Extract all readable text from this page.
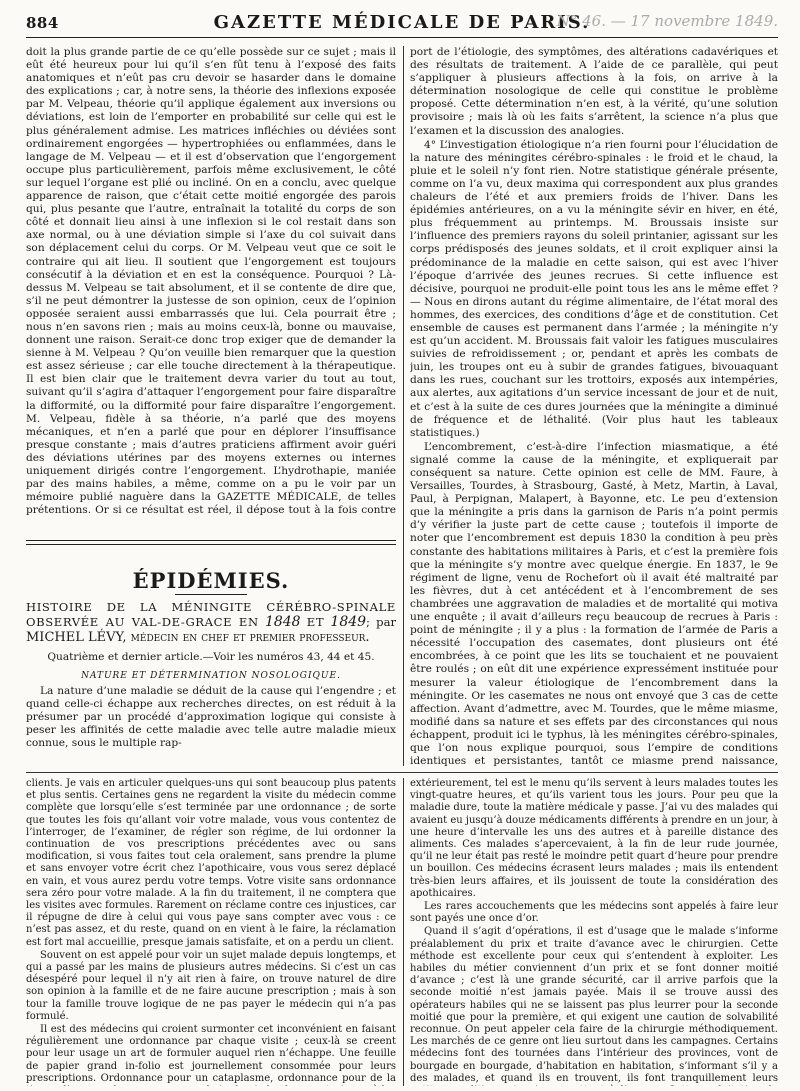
884	GAZETTE MÉDICALE DE PARIS.
N° 46. — 17 novembre 1849.

doit la plus grande partie de ce qu’elle possède sur ce sujet ; mais il eût été heureux pour lui qu’il s’en fût tenu à l’exposé des faits anatomiques et n’eût pas cru devoir se hasarder dans le domaine des explications ; car, à notre sens, la théorie des inflexions exposée par M. Velpeau, théorie qu’il applique également aux inversions ou déviations, est loin de l’emporter en probabilité sur celle qui est le plus généralement admise. Les matrices infléchies ou déviées sont ordinairement engorgées — hypertrophiées ou enflammées, dans le langage de M. Velpeau — et il est d’observation que l’engorgement occupe plus particulièrement, parfois même exclusivement, le côté sur lequel l’organe est plié ou incliné. On en a conclu, avec quelque apparence de raison, que c’était cette moitié engorgée des parois qui, plus pesante que l’autre, entraînait la totalité du corps de son côté et donnait lieu ainsi à une inflexion si le col restait dans son axe normal, ou à une déviation simple si l’axe du col suivait dans son déplacement celui du corps. Or M. Velpeau veut que ce soit le contraire qui ait lieu. Il soutient que l’engorgement est toujours consécutif à la déviation et en est la conséquence. Pourquoi ? Là-dessus M. Velpeau se tait absolument, et il se contente de dire que, s’il ne peut démontrer la justesse de son opinion, ceux de l’opinion opposée seraient aussi embarrassés que lui. Cela pourrait être ; nous n’en savons rien ; mais au moins ceux-là, bonne ou mauvaise, donnent une raison. Serait-ce donc trop exiger que de demander la sienne à M. Velpeau ? Qu’on veuille bien remarquer que la question est assez sérieuse ; car elle touche directement à la thérapeutique. Il est bien clair que le traitement devra varier du tout au tout, suivant qu’il s’agira d’attaquer l’engorgement pour faire disparaître la difformité, ou la difformité pour faire disparaître l’engorgement. M. Velpeau, fidèle à sa théorie, n’a parlé que des moyens mécaniques, et n’en a parlé que pour en déplorer l’insuffisance presque constante ; mais d’autres praticiens affirment avoir guéri des déviations utérines par des moyens externes ou internes uniquement dirigés contre l’engorgement. L’hydrothapie, maniée par des mains habiles, a même, comme on a pu le voir par un mémoire publié naguère dans la GAZETTE MÉDICALE, de telles prétentions. Or si ce résultat est réel, il dépose tout à la fois contre

ÉPIDÉMIES.
HISTOIRE DE LA MÉNINGITE CÉRÉBRO-SPINALE OBSERVÉE AU VAL-DE-GRACE EN 1848 ET 1849; par MICHEL LÉVY, médecin en chef et premier professeur.
Quatrième et dernier article.—Voir les numéros 43, 44 et 45.
NATURE ET DÉTERMINATION NOSOLOGIQUE.

La nature d’une maladie se déduit de la cause qui l’engendre ; et quand celle-ci échappe aux recherches directes, on est réduit à la présumer par un procédé d’approximation logique qui consiste à peser les affinités de cette maladie avec telle autre maladie mieux connue, sous le multiple rap-

port de l’étiologie, des symptômes, des altérations cadavériques et des résultats de traitement. A l’aide de ce parallèle, qui peut s’appliquer à plusieurs affections à la fois, on arrive à la détermination nosologique de celle qui constitue le problème proposé. Cette détermination n’en est, à la vérité, qu’une solution provisoire ; mais là où les faits s’arrêtent, la science n’a plus que l’examen et la discussion des analogies.

4° L’investigation étiologique n’a rien fourni pour l’élucidation de la nature des méningites cérébro-spinales : le froid et le chaud, la pluie et le soleil n’y font rien. Notre statistique générale présente, comme on l’a vu, deux maxima qui correspondent aux plus grandes chaleurs de l’été et aux premiers froids de l’hiver. Dans les épidémies antérieures, on a vu la méningite sévir en hiver, en été, plus fréquemment au printemps. M. Broussais insiste sur l’influence des premiers rayons du soleil printanier, agissant sur les corps prédisposés des jeunes soldats, et il croit expliquer ainsi la prédominance de la maladie en cette saison, qui est avec l’hiver l’époque d’arrivée des jeunes recrues. Si cette influence est décisive, pourquoi ne produit-elle point tous les ans le même effet ? — Nous en dirons autant du régime alimentaire, de l’état moral des hommes, des exercices, des conditions d’âge et de constitution. Cet ensemble de causes est permanent dans l’armée ; la méningite n’y est qu’un accident. M. Broussais fait valoir les fatigues musculaires suivies de refroidissement ; or, pendant et après les combats de juin, les troupes ont eu à subir de grandes fatigues, bivouaquant dans les rues, couchant sur les trottoirs, exposés aux intempéries, aux alertes, aux agitations d’un service incessant de jour et de nuit, et c’est à la suite de ces dures journées que la méningite a diminué de fréquence et de léthalité. (Voir plus haut les tableaux statistiques.)

L’encombrement, c’est-à-dire l’infection miasmatique, a été signalé comme la cause de la méningite, et expliquerait par conséquent sa nature. Cette opinion est celle de MM. Faure, à Versailles, Tourdes, à Strasbourg, Gasté, à Metz, Martin, à Laval, Paul, à Perpignan, Malapert, à Bayonne, etc. Le peu d’extension que la méningite a pris dans la garnison de Paris n’a point permis d’y vérifier la juste part de cette cause ; toutefois il importe de noter que l’encombrement est depuis 1830 la condition à peu près constante des habitations militaires à Paris, et c’est la première fois que la méningite s’y montre avec quelque énergie. En 1837, le 9e régiment de ligne, venu de Rochefort où il avait été maltraité par les fièvres, dut à cet antécédent et à l’encombrement de ses chambrées une aggravation de maladies et de mortalité qui motiva une enquête ; il avait d’ailleurs reçu beaucoup de recrues à Paris : point de méningite ; il y a plus : la formation de l’armée de Paris a nécessité l’occupation des casemates, dont plusieurs ont été encombrées, à ce point que les lits se touchaient et ne pouvaient être roulés ; on eût dit une expérience expressément instituée pour mesurer la valeur étiologique de l’encombrement dans la méningite. Or les casemates ne nous ont envoyé que 3 cas de cette affection. Avant d’admettre, avec M. Tourdes, que le même miasme, modifié dans sa nature et ses effets par des circonstances qui nous échappent, produit ici le typhus, là les méningites cérébro-spinales, que l’on nous explique pourquoi, sous l’empire de conditions identiques et persistantes, tantôt ce miasme prend naissance,

clients. Je vais en articuler quelques-uns qui sont beaucoup plus patents et plus sentis. Certaines gens ne regardent la visite du médecin comme complète que lorsqu’elle s’est terminée par une ordonnance ; de sorte que toutes les fois qu’allant voir votre malade, vous vous contentez de l’interroger, de l’examiner, de régler son régime, de lui ordonner la continuation de vos prescriptions précédentes avec ou sans modification, si vous faites tout cela oralement, sans prendre la plume et sans envoyer votre écrit chez l’apothicaire, vous vous serez déplacé en vain, et vous aurez perdu votre temps. Votre visite sans ordonnance sera zéro pour votre malade. A la fin du traitement, il ne comptera que les visites avec formules. Rarement on réclame contre ces injustices, car il répugne de dire à celui qui vous paye sans compter avec vous : ce n’est pas assez, et du reste, quand on en vient à le faire, la réclamation est fort mal accueillie, presque jamais satisfaite, et on a perdu un client.

Souvent on est appelé pour voir un sujet malade depuis longtemps, et qui a passé par les mains de plusieurs autres médecins. Si c’est un cas désespéré pour lequel il n’y ait rien à faire, on trouve naturel de dire son opinion à la famille et de ne faire aucune prescription ; mais à son tour la famille trouve logique de ne pas payer le médecin qui n’a pas formulé.

Il est des médecins qui croient surmonter cet inconvénient en faisant régulièrement une ordonnance par chaque visite ; ceux-là se creent pour leur usage un art de formuler auquel rien n’échappe. Une feuille de papier grand in-folio est journellement consommée pour leurs prescriptions. Ordonnance pour un cataplasme, ordonnance pour de la

extérieurement, tel est le menu qu’ils servent à leurs malades toutes les vingt-quatre heures, et qu’ils varient tous les jours. Pour peu que la maladie dure, toute la matière médicale y passe. J’ai vu des malades qui avaient eu jusqu’à douze médicaments différents à prendre en un jour, à une heure d’intervalle les uns des autres et à pareille distance des aliments. Ces malades s’apercevaient, à la fin de leur rude journée, qu’il ne leur était pas resté le moindre petit quart d’heure pour prendre un bouillon. Ces médecins écrasent leurs malades ; mais ils entendent très-bien leurs affaires, et ils jouissent de toute la considération des apothicaires.

Les rares accouchements que les médecins sont appelés à faire leur sont payés une once d’or.

Quand il s’agit d’opérations, il est d’usage que le malade s’informe préalablement du prix et traite d’avance avec le chirurgien. Cette méthode est excellente pour ceux qui s’entendent à exploiter. Les habiles du métier conviennent d’un prix et se font donner moitié d’avance ; c’est là une grande sécurité, car il arrive parfois que la seconde moitié n’est jamais payée. Mais il se trouve aussi des opérateurs habiles qui ne se laissent pas plus leurrer pour la seconde moitié que pour la première, et qui exigent une caution de solvabilité reconnue. On peut appeler cela faire de la chirurgie méthodiquement. Les marchés de ce genre ont lieu surtout dans les campagnes. Certains médecins font des tournées dans l’intérieur des provinces, vont de bourgade en bourgade, d’habitation en habitation, s’informant s’il y a des malades, et quand ils en trouvent, ils font tranquillement leurs
